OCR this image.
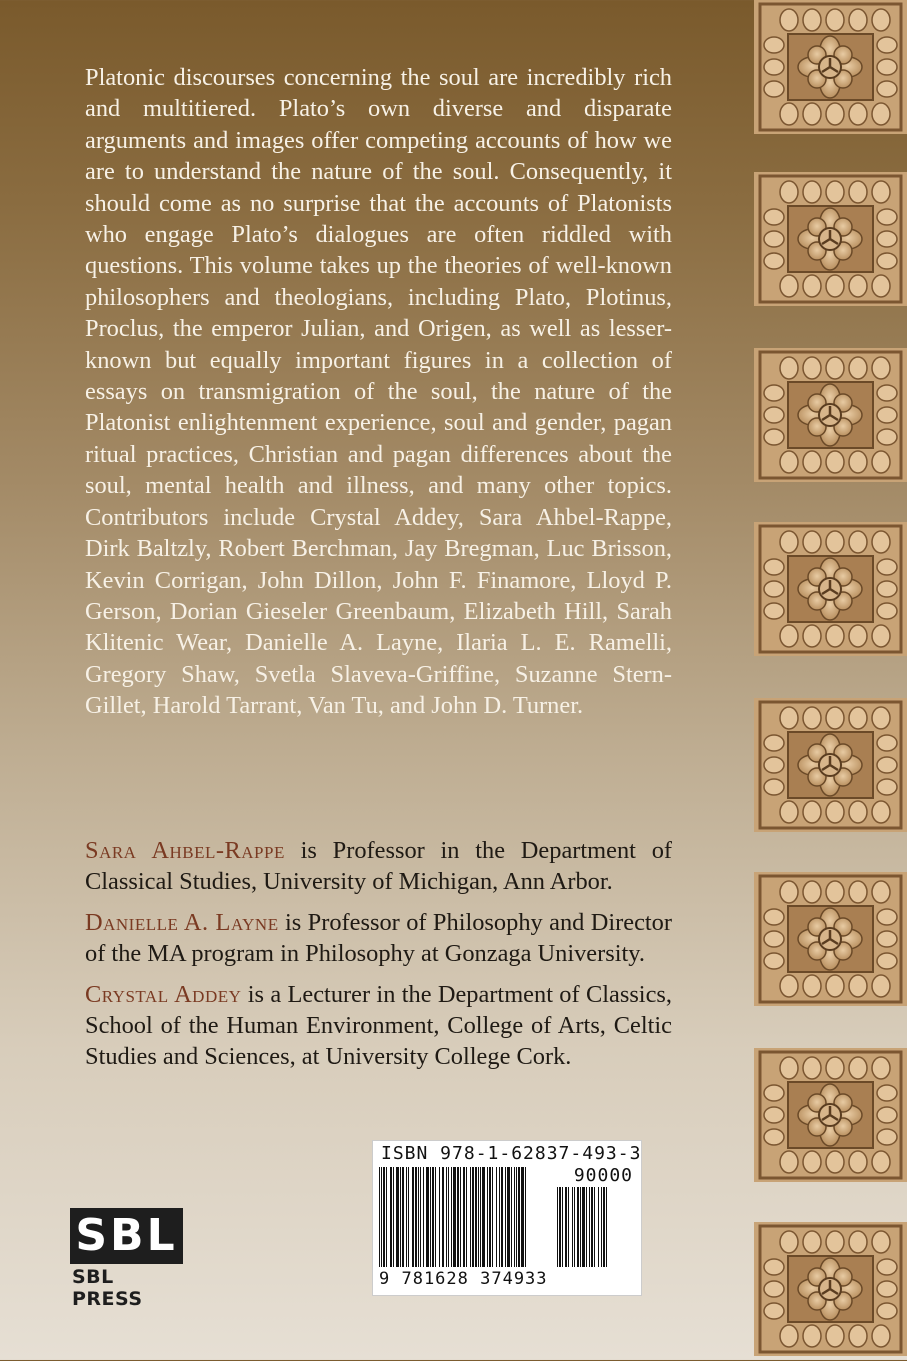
Platonic discourses concerning the soul are incredibly rich and multitiered. Plato’s own diverse and disparate arguments and images offer competing accounts of how we are to understand the nature of the soul. Consequently, it should come as no surprise that the accounts of Platonists who engage Plato’s dialogues are often riddled with questions. This volume takes up the theories of well-known philosophers and theologians, including Plato, Plotinus, Proclus, the emperor Julian, and Origen, as well as lesser-known but equally important figures in a collection of essays on transmigration of the soul, the nature of the Platonist enlightenment experience, soul and gender, pagan ritual practices, Christian and pagan differences about the soul, mental health and illness, and many other topics. Contributors include Crystal Addey, Sara Ahbel-Rappe, Dirk Baltzly, Robert Berchman, Jay Bregman, Luc Brisson, Kevin Corrigan, John Dillon, John F. Finamore, Lloyd P. Gerson, Dorian Gieseler Greenbaum, Elizabeth Hill, Sarah Klitenic Wear, Danielle A. Layne, Ilaria L. E. Ramelli, Gregory Shaw, Svetla Slaveva-Griffine, Suzanne Stern-Gillet, Harold Tarrant, Van Tu, and John D. Turner.

Sara Ahbel-Rappe is Professor in the Department of Classical Studies, University of Michigan, Ann Arbor.

Danielle A. Layne is Professor of Philosophy and Director of the MA program in Philosophy at Gonzaga University.

Crystal Addey is a Lecturer in the Department of Classics, School of the Human Environment, College of Arts, Celtic Studies and Sciences, at University College Cork.

ISBN 978-1-62837-493-3
90000
9 781628 374933
SBL
SBL PRESS
